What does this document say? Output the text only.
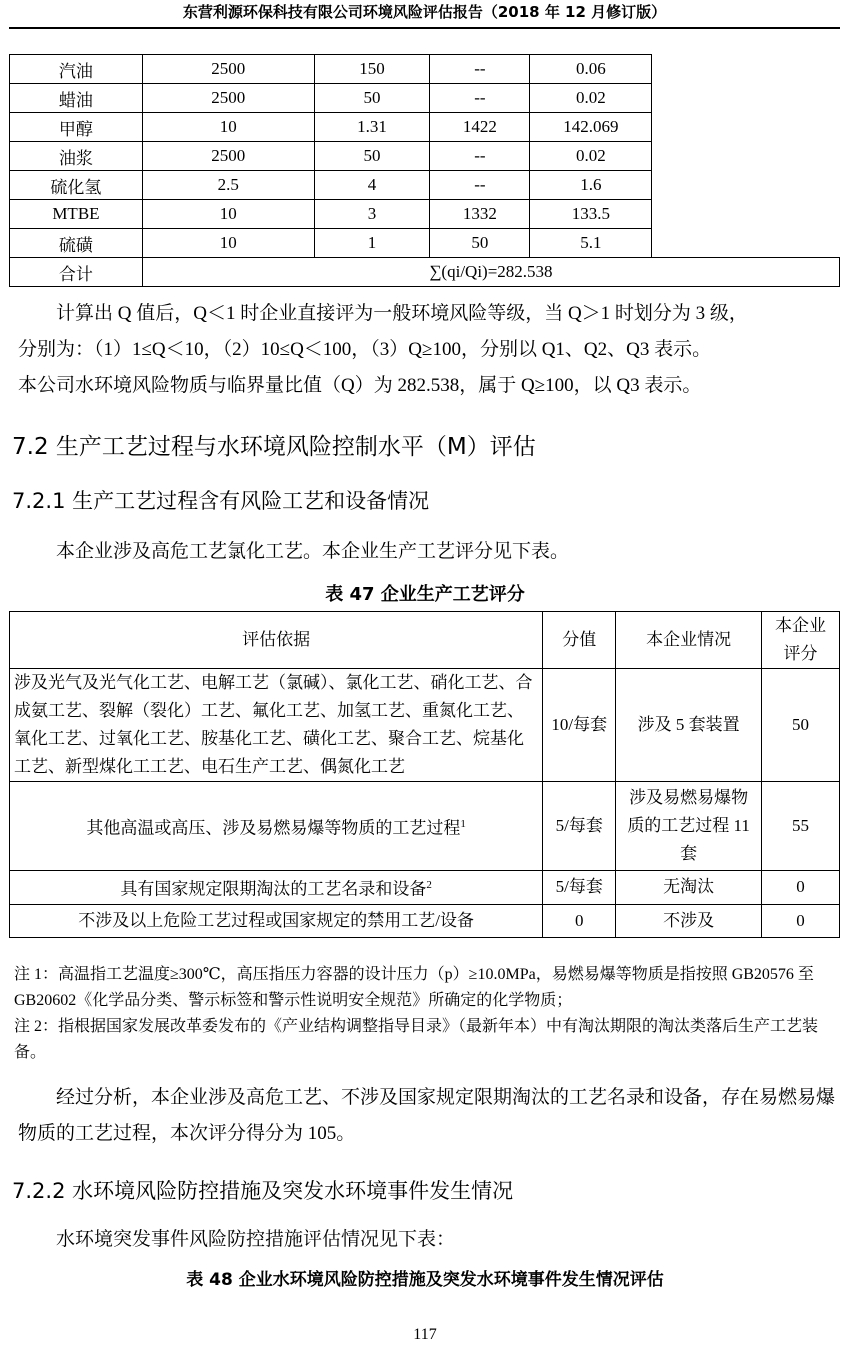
东营利源环保科技有限公司环境风险评估报告（2018 年 12 月修订版）
汽油	2500	150	--	0.06	
蜡油	2500	50	--	0.02	
甲醇	10	1.31	1422	142.069	
油浆	2500	50	--	0.02	
硫化氢	2.5	4	--	1.6	
MTBE	10	3	1332	133.5	
硫磺	10	1	50	5.1	
合计	∑(qi/Qi)=282.538				
计算出 Q 值后，Q＜1 时企业直接评为一般环境风险等级，当 Q＞1 时划分为 3 级，
分别为：（1）1≤Q＜10，（2）10≤Q＜100，（3）Q≥100，分别以 Q1、Q2、Q3 表示。
本公司水环境风险物质与临界量比值（Q）为 282.538，属于 Q≥100，以 Q3 表示。
7.2 生产工艺过程与水环境风险控制水平（M）评估
7.2.1 生产工艺过程含有风险工艺和设备情况

本企业涉及高危工艺氯化工艺。本企业生产工艺评分见下表。

表 47 企业生产工艺评分

评估依据	分值	本企业情况	本企业评分
涉及光气及光气化工艺、电解工艺（氯碱）、氯化工艺、硝化工艺、合成氨工艺、裂解（裂化）工艺、氟化工艺、加氢工艺、重氮化工艺、氧化工艺、过氧化工艺、胺基化工艺、磺化工艺、聚合工艺、烷基化工艺、新型煤化工工艺、电石生产工艺、偶氮化工艺	10/每套	涉及 5 套装置	50
其他高温或高压、涉及易燃易爆等物质的工艺过程$^1$	5/每套	涉及易燃易爆物质的工艺过程 11 套	55
具有国家规定限期淘汰的工艺名录和设备$^2$	5/每套	无淘汰	0
不涉及以上危险工艺过程或国家规定的禁用工艺/设备	0	不涉及	0
注 1：高温指工艺温度≥300℃，高压指压力容器的设计压力（p）≥10.0MPa，易燃易爆等物质是指按照 GB20576 至 GB20602《化学品分类、警示标签和警示性说明安全规范》所确定的化学物质；
注 2：指根据国家发展改革委发布的《产业结构调整指导目录》（最新年本）中有淘汰期限的淘汰类落后生产工艺装备。

经过分析，本企业涉及高危工艺、不涉及国家规定限期淘汰的工艺名录和设备，存在易燃易爆物质的工艺过程，本次评分得分为 105。

7.2.2 水环境风险防控措施及突发水环境事件发生情况

水环境突发事件风险防控措施评估情况见下表：

表 48 企业水环境风险防控措施及突发水环境事件发生情况评估

117
